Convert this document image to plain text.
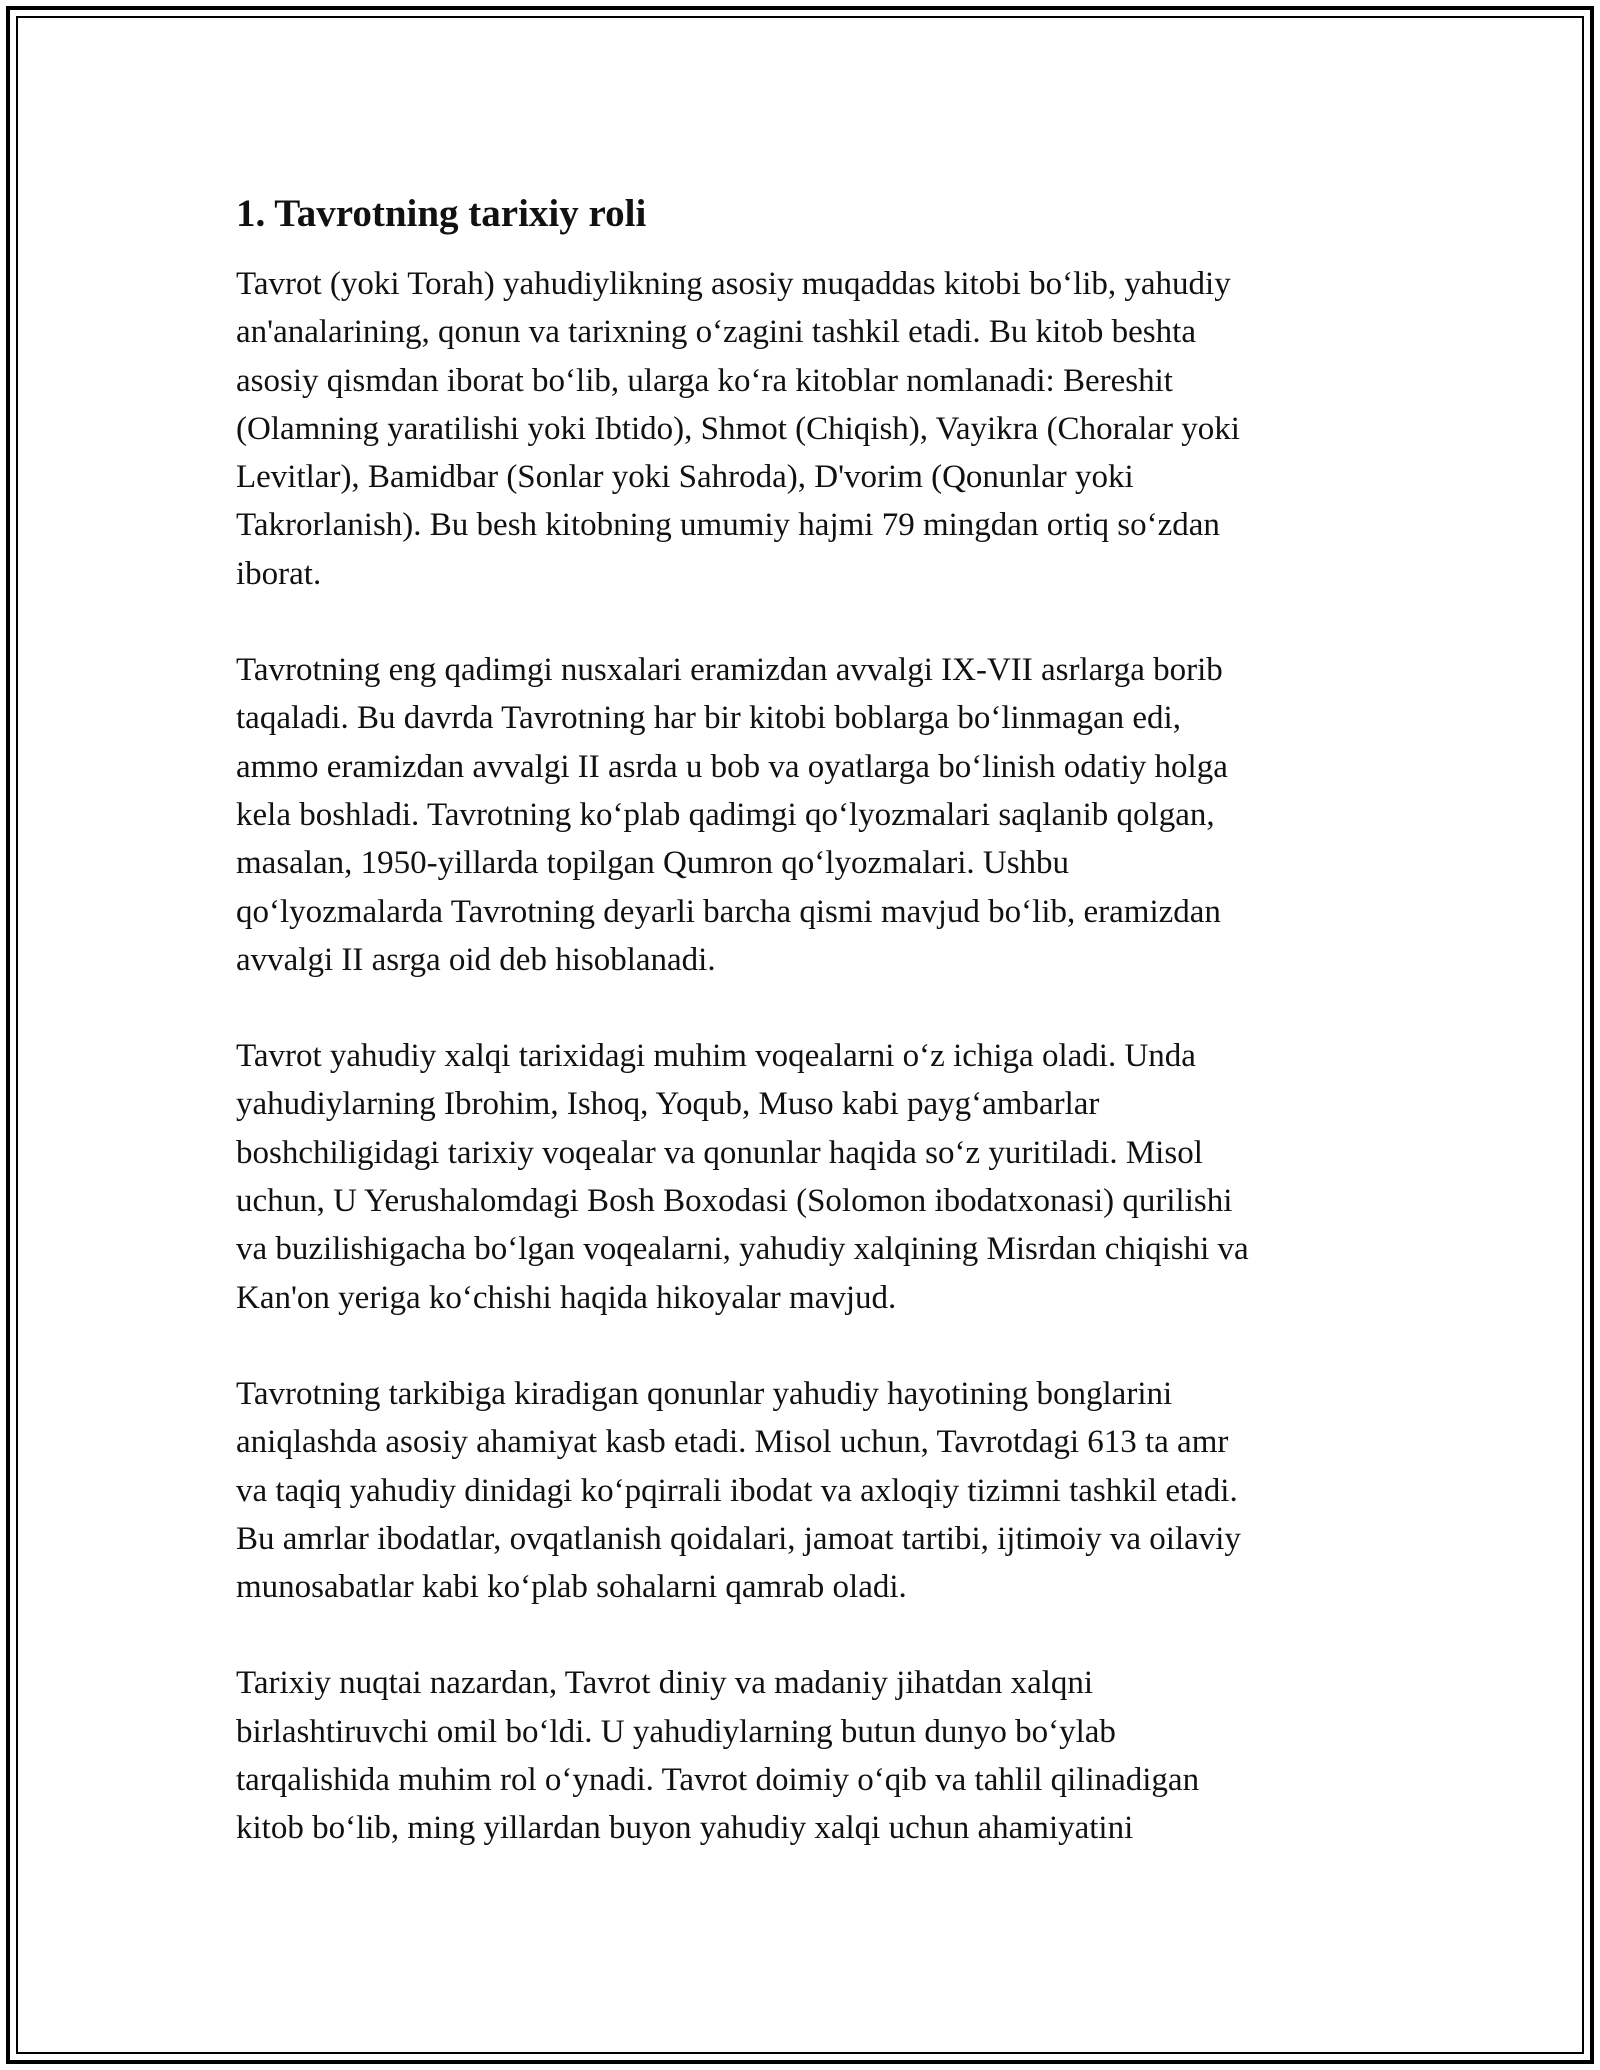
1. Tavrotning tarixiy roli

Tavrot (yoki Torah) yahudiylikning asosiy muqaddas kitobi bo‘lib, yahudiy
an'analarining, qonun va tarixning o‘zagini tashkil etadi. Bu kitob beshta
asosiy qismdan iborat bo‘lib, ularga ko‘ra kitoblar nomlanadi: Bereshit
(Olamning yaratilishi yoki Ibtido), Shmot (Chiqish), Vayikra (Choralar yoki
Levitlar), Bamidbar (Sonlar yoki Sahroda), D'vorim (Qonunlar yoki
Takrorlanish). Bu besh kitobning umumiy hajmi 79 mingdan ortiq so‘zdan
iborat.

Tavrotning eng qadimgi nusxalari eramizdan avvalgi IX-VII asrlarga borib
taqaladi. Bu davrda Tavrotning har bir kitobi boblarga bo‘linmagan edi,
ammo eramizdan avvalgi II asrda u bob va oyatlarga bo‘linish odatiy holga
kela boshladi. Tavrotning ko‘plab qadimgi qo‘lyozmalari saqlanib qolgan,
masalan, 1950-yillarda topilgan Qumron qo‘lyozmalari. Ushbu
qo‘lyozmalarda Tavrotning deyarli barcha qismi mavjud bo‘lib, eramizdan
avvalgi II asrga oid deb hisoblanadi.

Tavrot yahudiy xalqi tarixidagi muhim voqealarni o‘z ichiga oladi. Unda
yahudiylarning Ibrohim, Ishoq, Yoqub, Muso kabi payg‘ambarlar
boshchiligidagi tarixiy voqealar va qonunlar haqida so‘z yuritiladi. Misol
uchun, U Yerushalomdagi Bosh Boxodasi (Solomon ibodatxonasi) qurilishi
va buzilishigacha bo‘lgan voqealarni, yahudiy xalqining Misrdan chiqishi va
Kan'on yeriga ko‘chishi haqida hikoyalar mavjud.

Tavrotning tarkibiga kiradigan qonunlar yahudiy hayotining bonglarini
aniqlashda asosiy ahamiyat kasb etadi. Misol uchun, Tavrotdagi 613 ta amr
va taqiq yahudiy dinidagi ko‘pqirrali ibodat va axloqiy tizimni tashkil etadi.
Bu amrlar ibodatlar, ovqatlanish qoidalari, jamoat tartibi, ijtimoiy va oilaviy
munosabatlar kabi ko‘plab sohalarni qamrab oladi.

Tarixiy nuqtai nazardan, Tavrot diniy va madaniy jihatdan xalqni
birlashtiruvchi omil bo‘ldi. U yahudiylarning butun dunyo bo‘ylab
tarqalishida muhim rol o‘ynadi. Tavrot doimiy o‘qib va tahlil qilinadigan
kitob bo‘lib, ming yillardan buyon yahudiy xalqi uchun ahamiyatini
